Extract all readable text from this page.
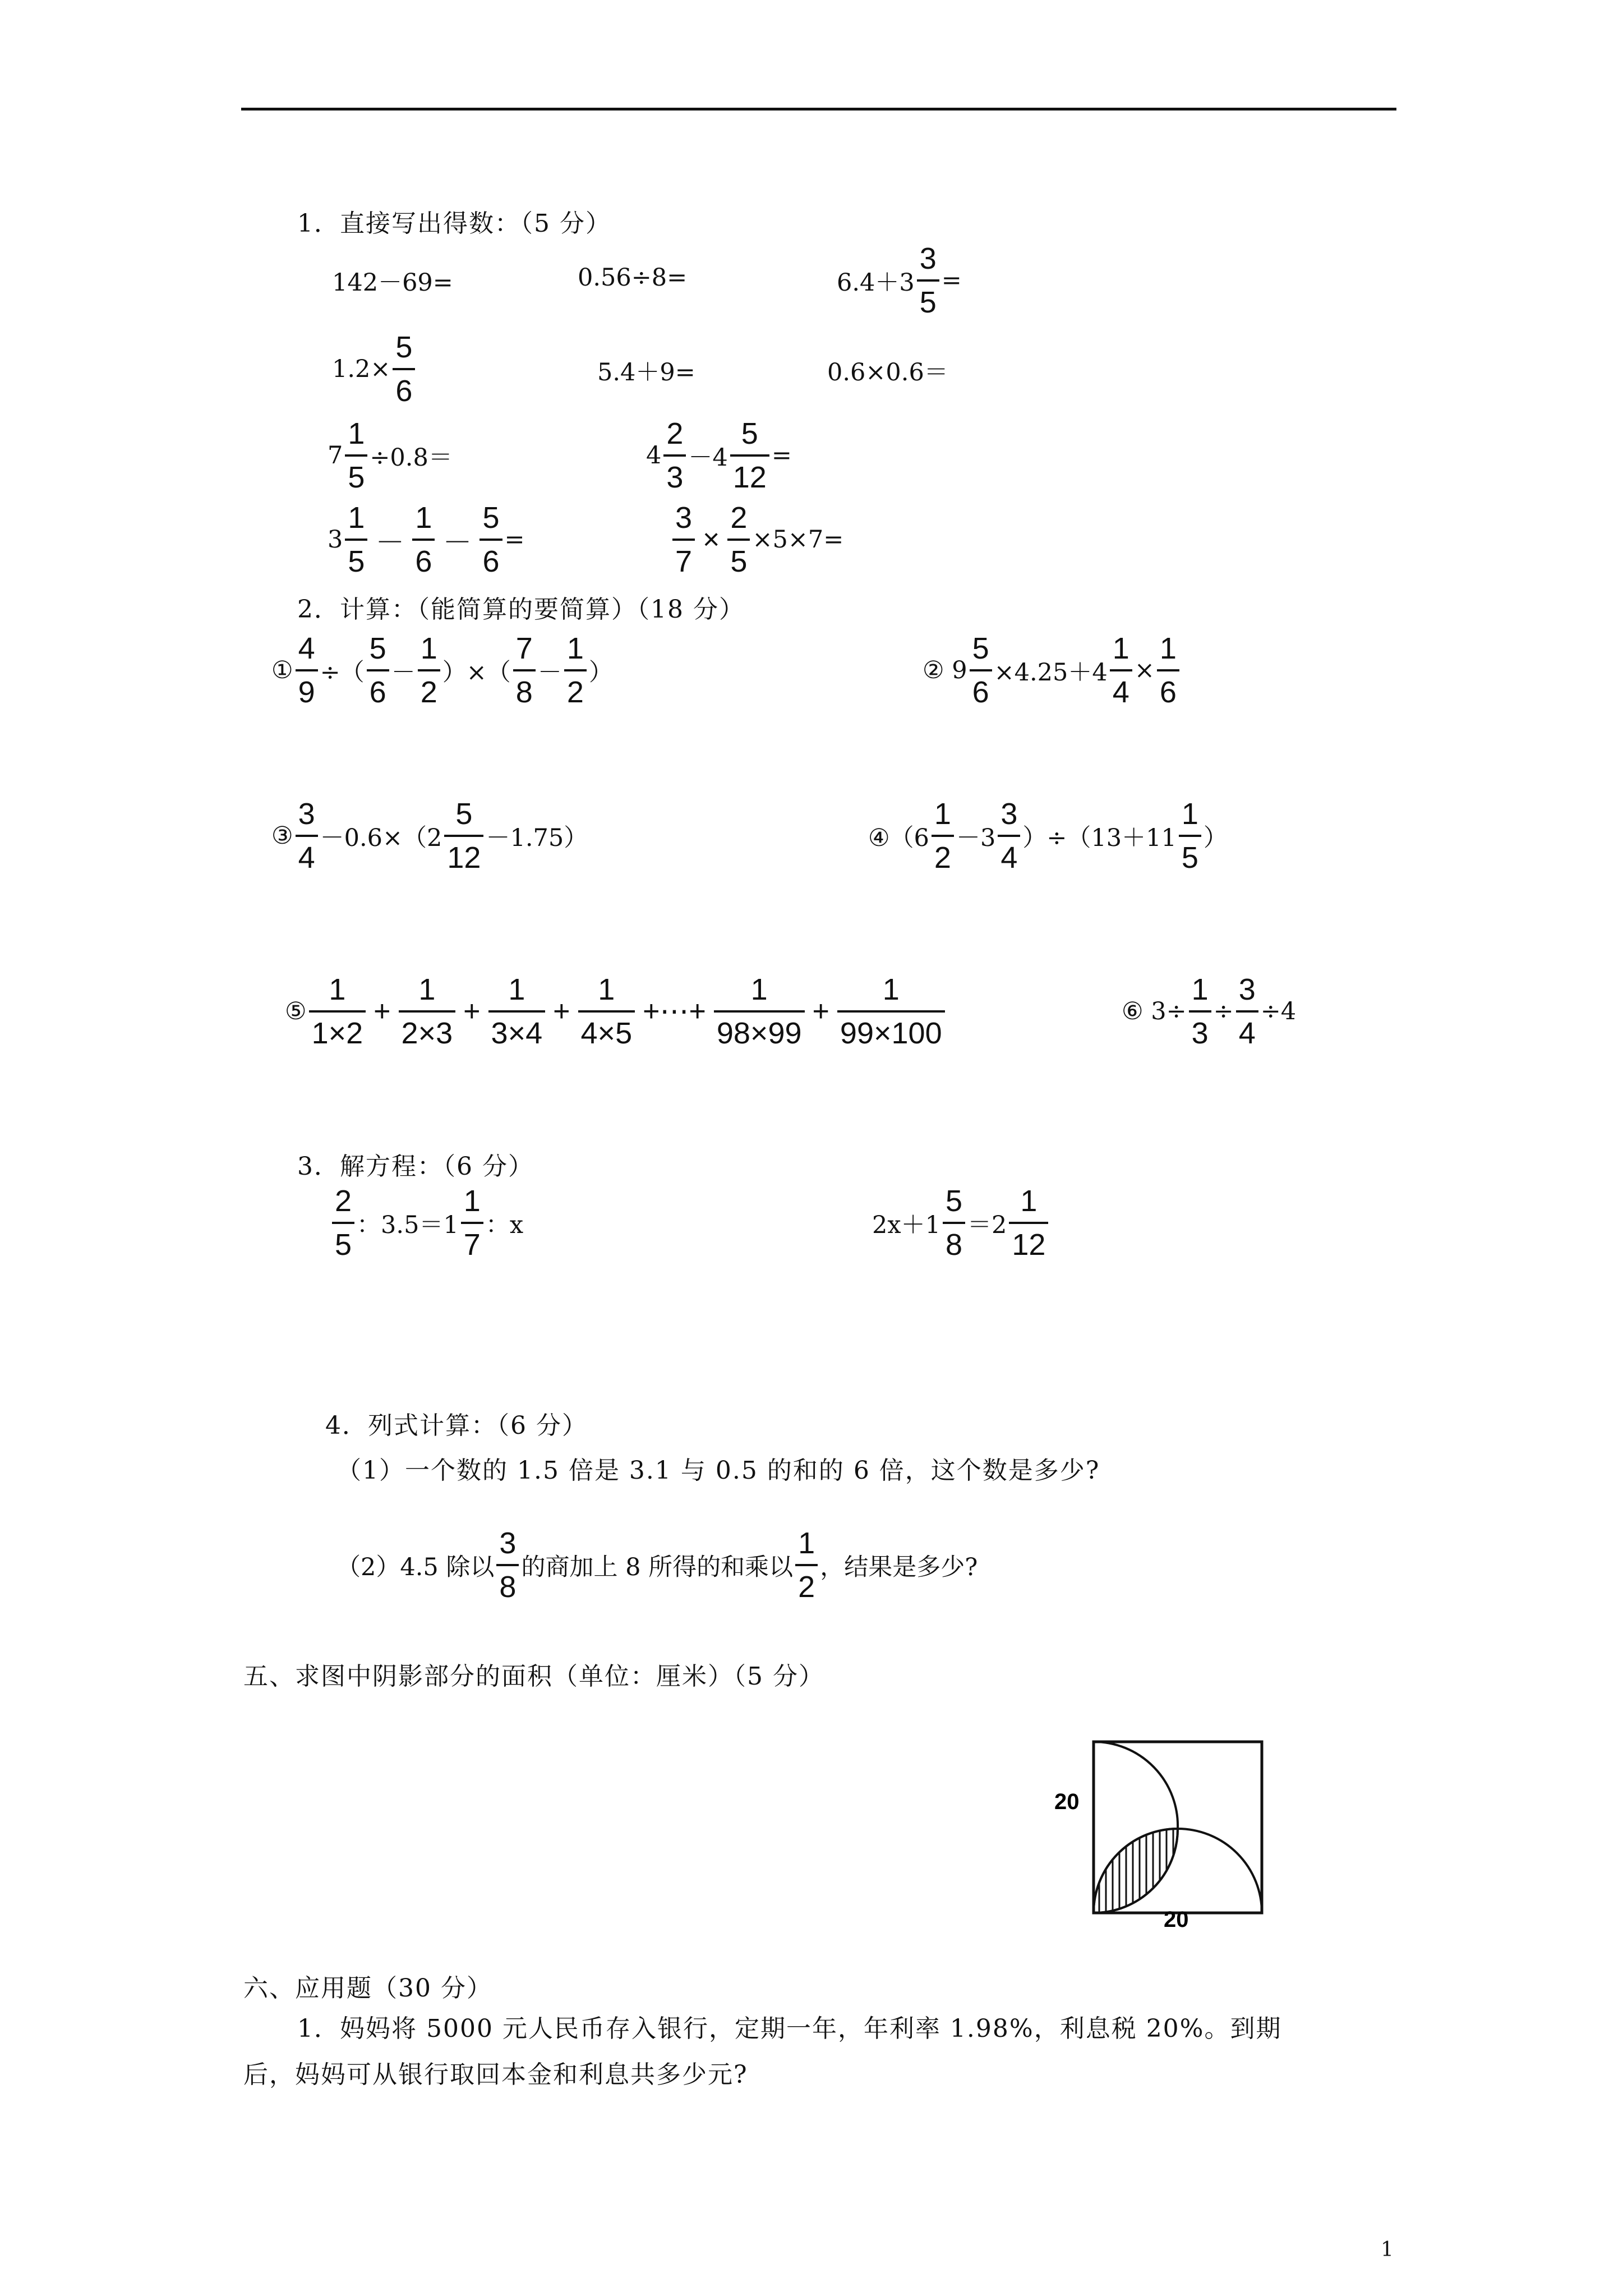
1．直接写出得数：（5 分）
142－69=	0.56÷8=	6.4＋3
3
5
=
1.2×
5
6
5.4＋9=	0.6×0.6＝
7
1
5
÷0.8＝	4
2
3
－4
5
12
=
3
1
5
－
1
6
－
5
6
=
3
7
×
2
5
×5×7=
2．计算：（能简算的要简算）（18 分）
①
4
9
÷（
5
6
－
1
2
）×（
7
8
－
1
2
）	② 9
5
6
×4.25＋4
1
4
×
1
6
③
3
4
－0.6×（2
5
12
－1.75）	④（6
1
2
－3
3
4
）÷（13＋11
1
5
）
⑤
1
1×2
+
1
2×3
+
1
3×4
+
1
4×5
+⋯+
1
98×99
+
1
99×100
⑥ 3÷
1
3
÷
3
4
÷4
3．解方程：（6 分）
2
5
：3.5＝1
1
7
：x	2x＋1
5
8
＝2
1
12
4．列式计算：（6 分）
（1）一个数的 1.5 倍是 3.1 与 0.5 的和的 6 倍，这个数是多少?
（2）4.5 除以
3
8
的商加上 8 所得的和乘以
1
2
，结果是多少?
五、求图中阴影部分的面积（单位：厘米）（5 分）
20
20
六、应用题（30 分）
1．妈妈将 5000 元人民币存入银行，定期一年，年利率 1.98%，利息税 20%。到期
后，妈妈可从银行取回本金和利息共多少元?
1
